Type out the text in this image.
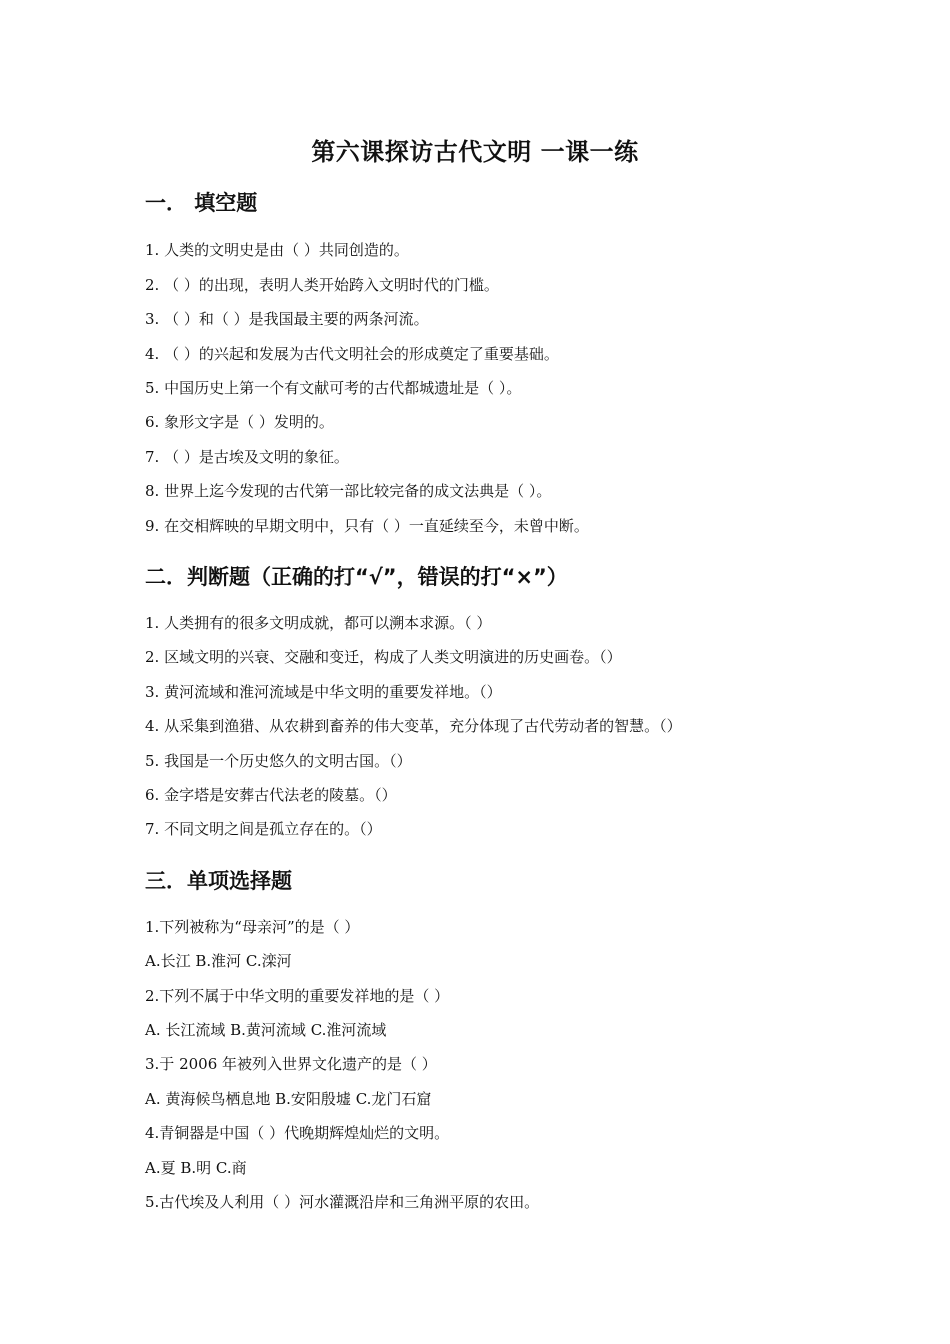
第六课探访古代文明 一课一练
一． 填空题
1. 人类的文明史是由（ ）共同创造的。
2. （ ）的出现，表明人类开始跨入文明时代的门槛。
3. （ ）和（ ）是我国最主要的两条河流。
4. （ ）的兴起和发展为古代文明社会的形成奠定了重要基础。
5. 中国历史上第一个有文献可考的古代都城遗址是（ ）。
6. 象形文字是（ ）发明的。
7. （ ）是古埃及文明的象征。
8. 世界上迄今发现的古代第一部比较完备的成文法典是（ ）。
9. 在交相辉映的早期文明中，只有（ ）一直延续至今，未曾中断。
二．判断题（正确的打“√”，错误的打“×”）
1. 人类拥有的很多文明成就，都可以溯本求源。（ ）
2. 区域文明的兴衰、交融和变迁，构成了人类文明演进的历史画卷。（）
3. 黄河流域和淮河流域是中华文明的重要发祥地。（）
4. 从采集到渔猎、从农耕到畜养的伟大变革，充分体现了古代劳动者的智慧。（）
5. 我国是一个历史悠久的文明古国。（）
6. 金字塔是安葬古代法老的陵墓。（）
7. 不同文明之间是孤立存在的。（）
三．单项选择题
1.下列被称为“母亲河”的是（ ）
A.长江 B.淮河 C.滦河
2.下列不属于中华文明的重要发祥地的是（ ）
A. 长江流域 B.黄河流域 C.淮河流域
3.于 2006 年被列入世界文化遗产的是（ ）
A. 黄海候鸟栖息地 B.安阳殷墟 C.龙门石窟
4.青铜器是中国（ ）代晚期辉煌灿烂的文明。
A.夏 B.明 C.商
5.古代埃及人利用（ ）河水灌溉沿岸和三角洲平原的农田。
